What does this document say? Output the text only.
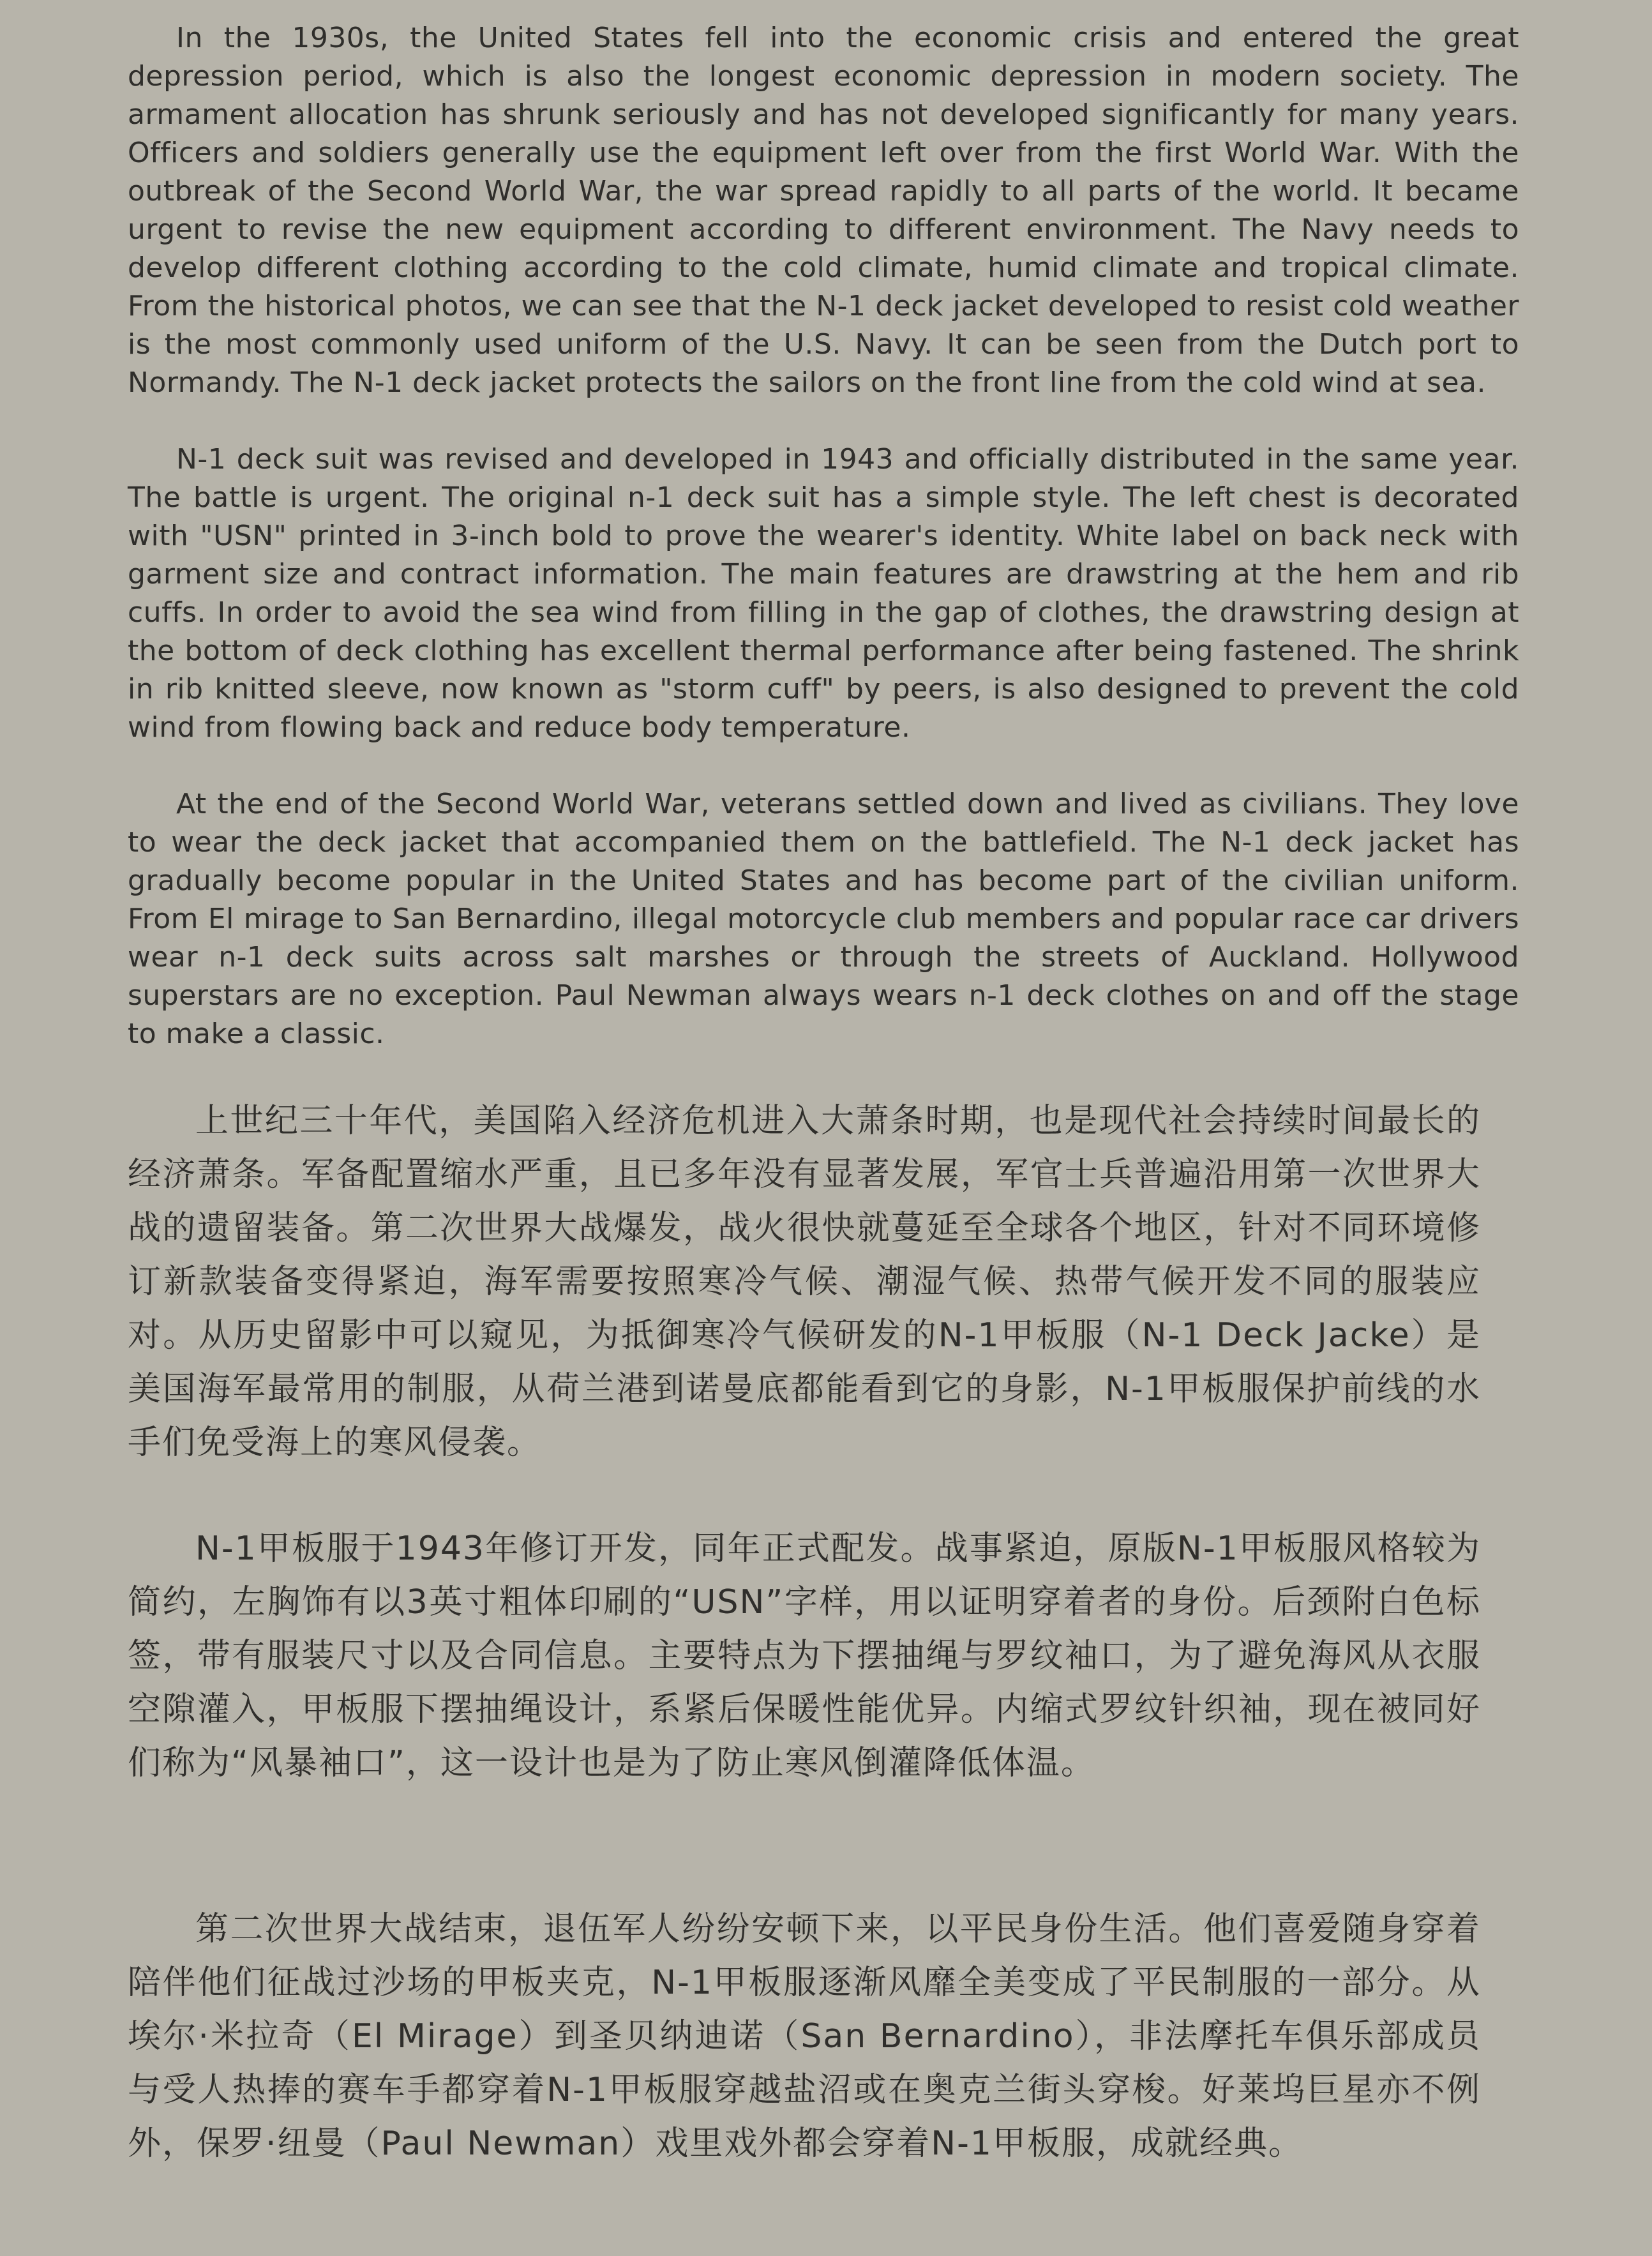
In the 1930s, the United States fell into the economic crisis and entered the great depression period, which is also the longest economic depression in modern society. The armament allocation has shrunk seriously and has not developed significantly for many years. Officers and soldiers generally use the equipment left over from the first World War. With the outbreak of the Second World War, the war spread rapidly to all parts of the world. It became urgent to revise the new equipment according to different environment. The Navy needs to develop different clothing according to the cold climate, humid climate and tropical climate. From the historical photos, we can see that the N-1 deck jacket developed to resist cold weather is the most commonly used uniform of the U.S. Navy. It can be seen from the Dutch port to Normandy. The N-1 deck jacket protects the sailors on the front line from the cold wind at sea.

N-1 deck suit was revised and developed in 1943 and officially distributed in the same year. The battle is urgent. The original n-1 deck suit has a simple style. The left chest is decorated with "USN" printed in 3-inch bold to prove the wearer's identity. White label on back neck with garment size and contract information. The main features are drawstring at the hem and rib cuffs. In order to avoid the sea wind from filling in the gap of clothes, the drawstring design at the bottom of deck clothing has excellent thermal performance after being fastened. The shrink in rib knitted sleeve, now known as "storm cuff" by peers, is also designed to prevent the cold wind from flowing back and reduce body temperature.

At the end of the Second World War, veterans settled down and lived as civilians. They love to wear the deck jacket that accompanied them on the battlefield. The N-1 deck jacket has gradually become popular in the United States and has become part of the civilian uniform. From El mirage to San Bernardino, illegal motorcycle club members and popular race car drivers wear n-1 deck suits across salt marshes or through the streets of Auckland. Hollywood superstars are no exception. Paul Newman always wears n-1 deck clothes on and off the stage to make a classic.

上世纪三十年代，美国陷入经济危机进入大萧条时期，也是现代社会持续时间最长的经济萧条。军备配置缩水严重，且已多年没有显著发展，军官士兵普遍沿用第一次世界大战的遗留装备。第二次世界大战爆发，战火很快就蔓延至全球各个地区，针对不同环境修订新款装备变得紧迫，海军需要按照寒冷气候、潮湿气候、热带气候开发不同的服装应对。从历史留影中可以窥见，为抵御寒冷气候研发的N-1甲板服（N-1 Deck Jacke）是美国海军最常用的制服，从荷兰港到诺曼底都能看到它的身影，N-1甲板服保护前线的水手们免受海上的寒风侵袭。

N-1甲板服于1943年修订开发，同年正式配发。战事紧迫，原版N-1甲板服风格较为简约，左胸饰有以3英寸粗体印刷的“USN”字样，用以证明穿着者的身份。后颈附白色标签，带有服装尺寸以及合同信息。主要特点为下摆抽绳与罗纹袖口，为了避免海风从衣服空隙灌入，甲板服下摆抽绳设计，系紧后保暖性能优异。内缩式罗纹针织袖，现在被同好们称为“风暴袖口”，这一设计也是为了防止寒风倒灌降低体温。

第二次世界大战结束，退伍军人纷纷安顿下来，以平民身份生活。他们喜爱随身穿着陪伴他们征战过沙场的甲板夹克，N-1甲板服逐渐风靡全美变成了平民制服的一部分。从埃尔·米拉奇（El Mirage）到圣贝纳迪诺（San Bernardino），非法摩托车俱乐部成员与受人热捧的赛车手都穿着N-1甲板服穿越盐沼或在奥克兰街头穿梭。好莱坞巨星亦不例外，保罗·纽曼（Paul Newman）戏里戏外都会穿着N-1甲板服，成就经典。
